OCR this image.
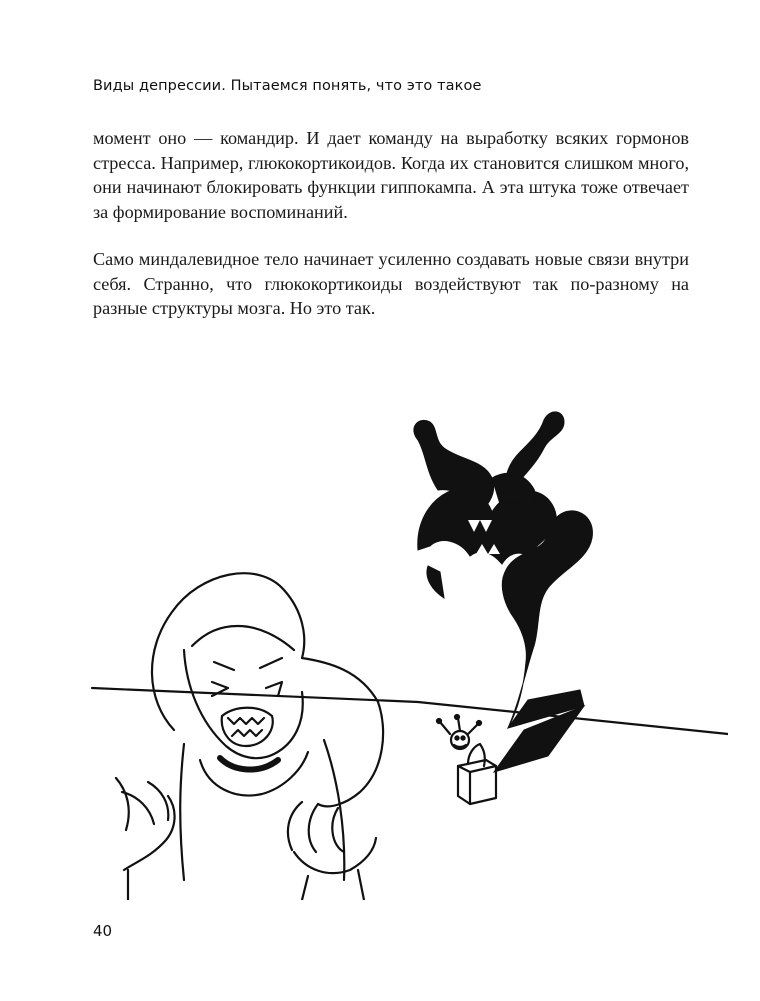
Виды депрессии. Пытаемся понять, что это такое

момент оно — командир. И дает команду на выработку всяких гормонов стресса. Например, глюкокортикоидов. Когда их становится слишком много, они начинают блокировать функции гиппокампа. А эта штука тоже отвечает за формирование воспоминаний.

Само миндалевидное тело начинает усиленно создавать новые связи внутри себя. Странно, что глюкокортикоиды воздействуют так по-разному на разные структуры мозга. Но это так.

40
